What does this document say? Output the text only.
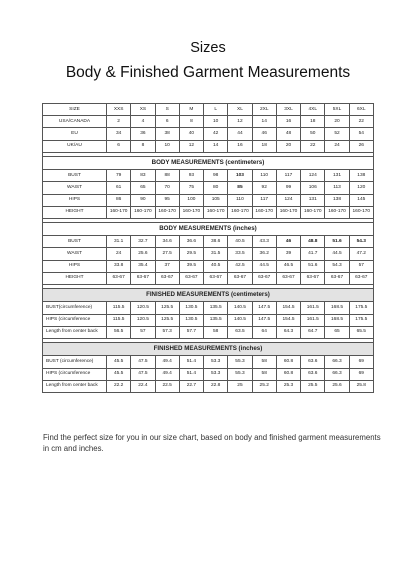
Sizes
Body & Finished Garment Measurements
SIZE	XXS	XS	S	M	L	XL	2XL	3XL	4XL	5XL	6XL
USA/CANADA	2	4	6	8	10	12	14	16	18	20	22
EU	34	36	38	40	42	44	46	48	50	52	54
UK/AU	6	8	10	12	14	16	18	20	22	24	26

BODY MEASUREMENTS (centimeters)											
BUST	79	83	88	93	98	103	110	117	124	131	138
WAIST	61	65	70	75	80	85	92	99	106	113	120
HIPS	86	90	95	100	105	110	117	124	131	138	145
HEIGHT	160-170	160-170	160-170	160-170	160-170	160-170	160-170	160-170	160-170	160-170	160-170

BODY MEASUREMENTS (inches)											
BUST	31.1	32.7	34.6	36.6	38.6	40.5	43.3	46	48.8	51.6	54.3
WAIST	24	25.6	27.5	29.5	31.5	33.5	36.2	39	41.7	44.5	47.2
HIPS	33.8	35.4	37	39.5	40.5	42.5	44.5	46.5	51.6	54.3	57
HEIGHT	63-67	63-67	63-67	63-67	63-67	63-67	63-67	63-67	63-67	63-67	63-67

FINISHED MEASUREMENTS (centimeters)											
BUST(circumference)	115.5	120.5	125.5	130.5	135.5	140.5	147.5	154.5	161.5	168.5	175.5
HIPS (circumference	115.5	120.5	125.5	130.5	135.5	140.5	147.5	154.5	161.5	168.5	175.5
Length from center back	56.5	57	57.3	57.7	58	63.5	64	64.3	64.7	65	65.5

FINISHED MEASUREMENTS (inches)											
BUST (circumference)	45.5	47.5	49.4	51.4	53.3	55.3	58	60.8	63.6	66.3	69
HIPS (circumference	45.5	47.5	49.4	51.4	53.3	55.3	58	60.8	63.6	66.3	69
Length from center back	22.2	22.4	22.5	22.7	22.8	25	25.2	25.3	25.5	25.6	25.8
Find the perfect size for you in our size chart, based on body and finished garment measurements in cm and inches.
